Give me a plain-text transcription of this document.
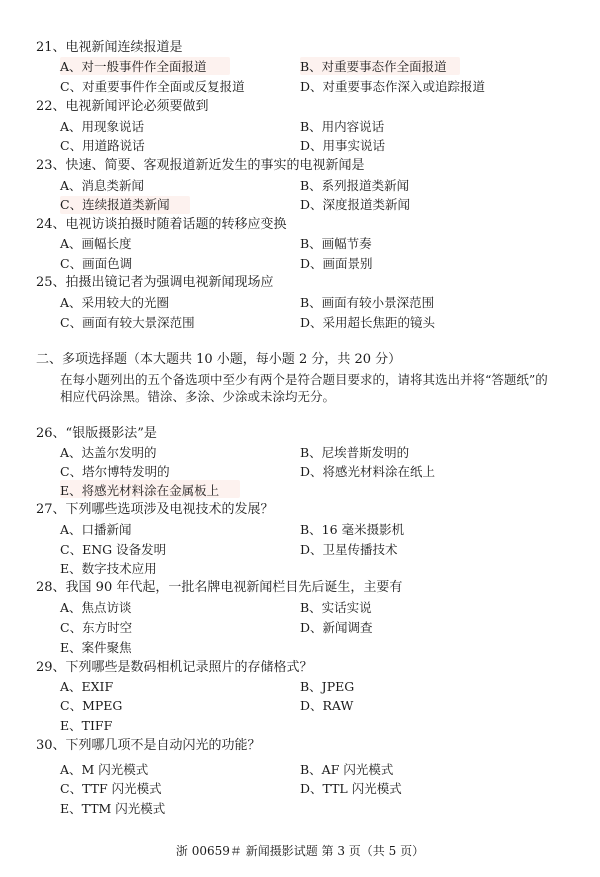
21、电视新闻连续报道是
A、对一般事件作全面报道	B、对重要事态作全面报道
C、对重要事件作全面或反复报道	D、对重要事态作深入或追踪报道
22、电视新闻评论必须要做到
A、用现象说话	B、用内容说话
C、用道路说话	D、用事实说话
23、快速、简要、客观报道新近发生的事实的电视新闻是
A、消息类新闻	B、系列报道类新闻
C、连续报道类新闻	D、深度报道类新闻
24、电视访谈拍摄时随着话题的转移应变换
A、画幅长度	B、画幅节奏
C、画面色调	D、画面景别
25、拍摄出镜记者为强调电视新闻现场应
A、采用较大的光圈	B、画面有较小景深范围
C、画面有较大景深范围	D、采用超长焦距的镜头
二、多项选择题（本大题共 10 小题，每小题 2 分，共 20 分）
在每小题列出的五个备选项中至少有两个是符合题目要求的，请将其选出并将“答题纸”的相应代码涂黑。错涂、多涂、少涂或未涂均无分。
26、“银版摄影法”是
A、达盖尔发明的	B、尼埃普斯发明的
C、塔尔博特发明的	D、将感光材料涂在纸上
E、将感光材料涂在金属板上
27、下列哪些选项涉及电视技术的发展？
A、口播新闻	B、16 毫米摄影机
C、ENG 设备发明	D、卫星传播技术
E、数字技术应用
28、我国 90 年代起，一批名牌电视新闻栏目先后诞生，主要有
A、焦点访谈	B、实话实说
C、东方时空	D、新闻调查
E、案件聚焦
29、下列哪些是数码相机记录照片的存储格式？
A、EXIF	B、JPEG
C、MPEG	D、RAW
E、TIFF
30、下列哪几项不是自动闪光的功能？
A、M 闪光模式	B、AF 闪光模式
C、TTF 闪光模式	D、TTL 闪光模式
E、TTM 闪光模式
浙 00659＃ 新闻摄影试题 第 3 页（共 5 页）
